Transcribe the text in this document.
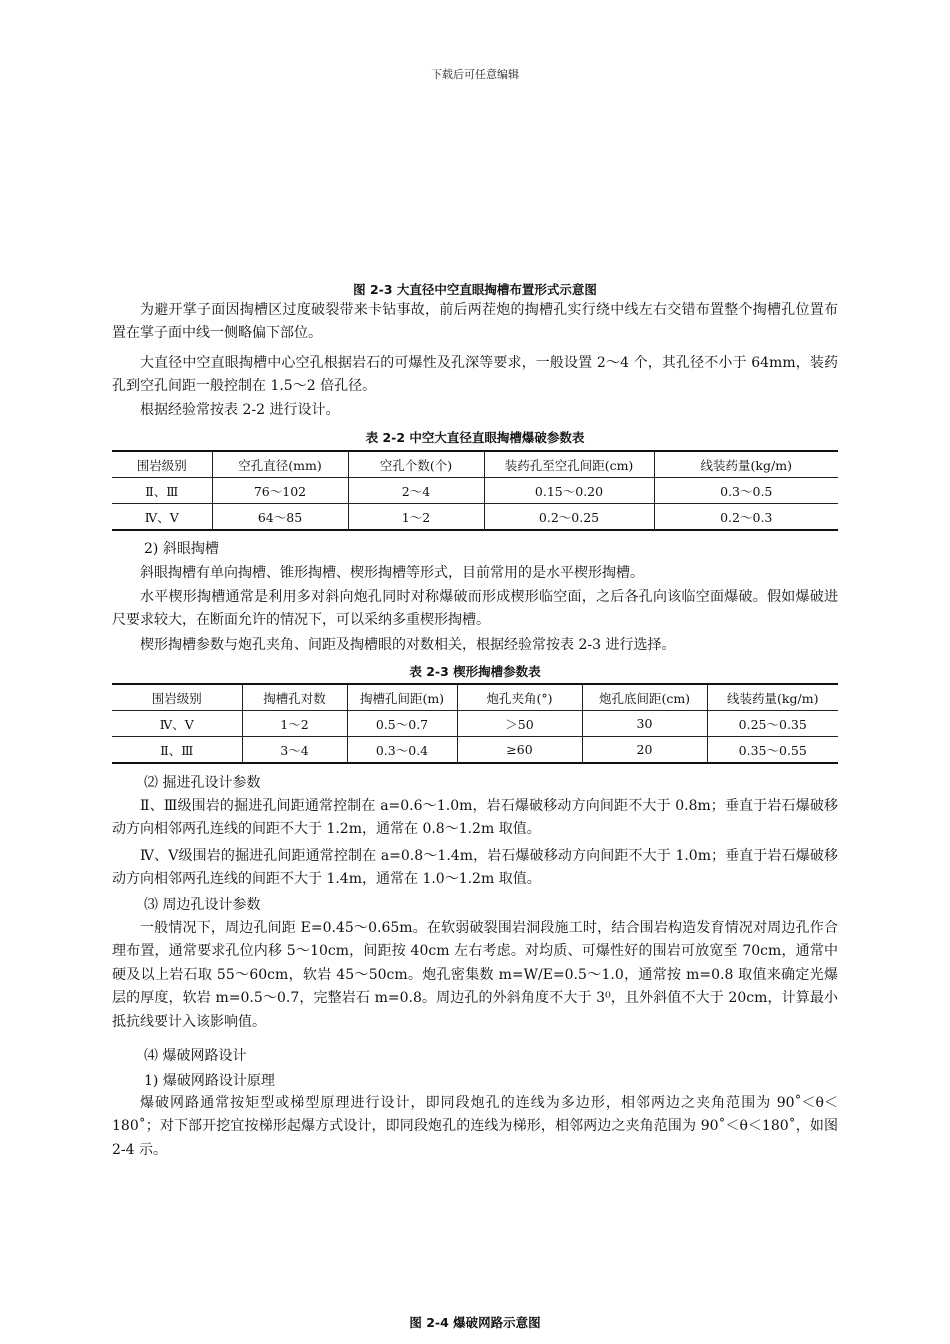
下载后可任意编辑
图 2-3 大直径中空直眼掏槽布置形式示意图

为避开掌子面因掏槽区过度破裂带来卡钻事故，前后两茬炮的掏槽孔实行绕中线左右交错布置整个掏槽孔位置布置在掌子面中线一侧略偏下部位。

大直径中空直眼掏槽中心空孔根据岩石的可爆性及孔深等要求，一般设置 2～4 个，其孔径不小于 64mm，装药孔到空孔间距一般控制在 1.5～2 倍孔径。

根据经验常按表 2-2 进行设计。

表 2-2 中空大直径直眼掏槽爆破参数表
围岩级别	空孔直径(mm)	空孔个数(个)	装药孔至空孔间距(cm)	线装药量(kg/m)
Ⅱ、Ⅲ	76～102	2～4	0.15～0.20	0.3～0.5
Ⅳ、Ⅴ	64～85	1～2	0.2～0.25	0.2～0.3

2) 斜眼掏槽

斜眼掏槽有单向掏槽、锥形掏槽、楔形掏槽等形式，目前常用的是水平楔形掏槽。

水平楔形掏槽通常是利用多对斜向炮孔同时对称爆破而形成楔形临空面，之后各孔向该临空面爆破。假如爆破进尺要求较大，在断面允许的情况下，可以采纳多重楔形掏槽。

楔形掏槽参数与炮孔夹角、间距及掏槽眼的对数相关，根据经验常按表 2-3 进行选择。

表 2-3 楔形掏槽参数表
围岩级别	掏槽孔对数	掏槽孔间距(m)	炮孔夹角(°)	炮孔底间距(cm)	线装药量(kg/m)
Ⅳ、Ⅴ	1～2	0.5～0.7	＞50	30	0.25～0.35
Ⅱ、Ⅲ	3～4	0.3～0.4	≥60	20	0.35～0.55

⑵ 掘进孔设计参数

Ⅱ、Ⅲ级围岩的掘进孔间距通常控制在 a=0.6～1.0m，岩石爆破移动方向间距不大于 0.8m；垂直于岩石爆破移动方向相邻两孔连线的间距不大于 1.2m，通常在 0.8～1.2m 取值。

Ⅳ、Ⅴ级围岩的掘进孔间距通常控制在 a=0.8～1.4m，岩石爆破移动方向间距不大于 1.0m；垂直于岩石爆破移动方向相邻两孔连线的间距不大于 1.4m，通常在 1.0～1.2m 取值。

⑶ 周边孔设计参数

一般情况下，周边孔间距 E=0.45～0.65m。在软弱破裂围岩洞段施工时，结合围岩构造发育情况对周边孔作合理布置，通常要求孔位内移 5～10cm，间距按 40cm 左右考虑。对均质、可爆性好的围岩可放宽至 70cm，通常中硬及以上岩石取 55～60cm，软岩 45～50cm。炮孔密集数 m=W/E=0.5～1.0，通常按 m=0.8 取值来确定光爆层的厚度，软岩 m=0.5～0.7，完整岩石 m=0.8。周边孔的外斜角度不大于 3⁰，且外斜值不大于 20cm，计算最小抵抗线要计入该影响值。

⑷ 爆破网路设计

1) 爆破网路设计原理

爆破网路通常按矩型或梯型原理进行设计，即同段炮孔的连线为多边形，相邻两边之夹角范围为 90˚＜θ＜180˚；对下部开挖宜按梯形起爆方式设计，即同段炮孔的连线为梯形，相邻两边之夹角范围为 90˚＜θ＜180˚，如图 2-4 示。

图 2-4 爆破网路示意图
